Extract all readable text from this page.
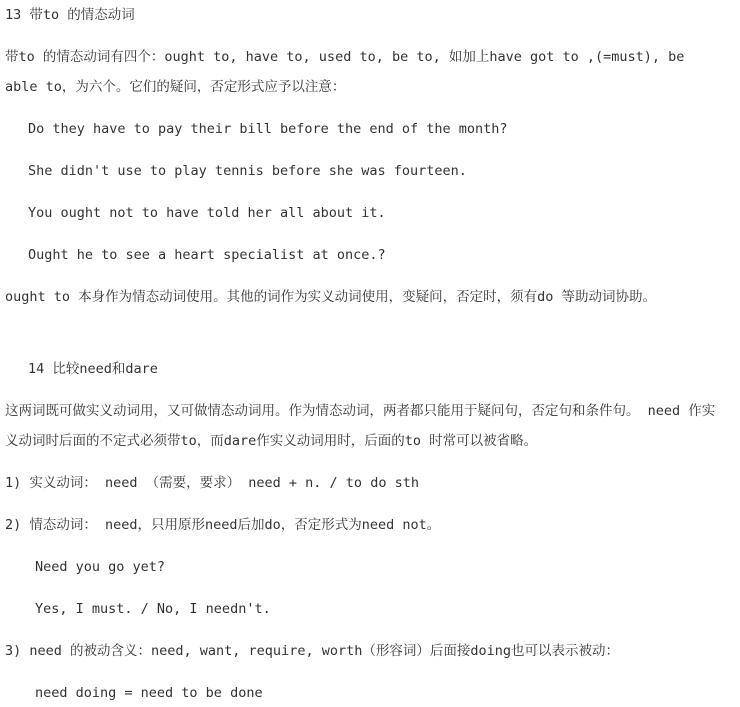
13 带to 的情态动词
带to 的情态动词有四个：ought to, have to, used to, be to, 如加上have got to ,(=must), be able to，为六个。它们的疑问，否定形式应予以注意：
Do they have to pay their bill before the end of the month?
She didn't use to play tennis before she was fourteen.
You ought not to have told her all about it.
Ought he to see a heart specialist at once.?
ought to 本身作为情态动词使用。其他的词作为实义动词使用，变疑问，否定时，须有do 等助动词协助。
14 比较need和dare
这两词既可做实义动词用，又可做情态动词用。作为情态动词，两者都只能用于疑问句，否定句和条件句。 need 作实义动词时后面的不定式必须带to，而dare作实义动词用时，后面的to 时常可以被省略。
1) 实义动词： need （需要，要求） need + n. / to do sth
2) 情态动词： need，只用原形need后加do，否定形式为need not。
Need you go yet?
Yes, I must. / No, I needn't.
3) need 的被动含义：need, want, require, worth（形容词）后面接doing也可以表示被动：
need doing = need to be done
